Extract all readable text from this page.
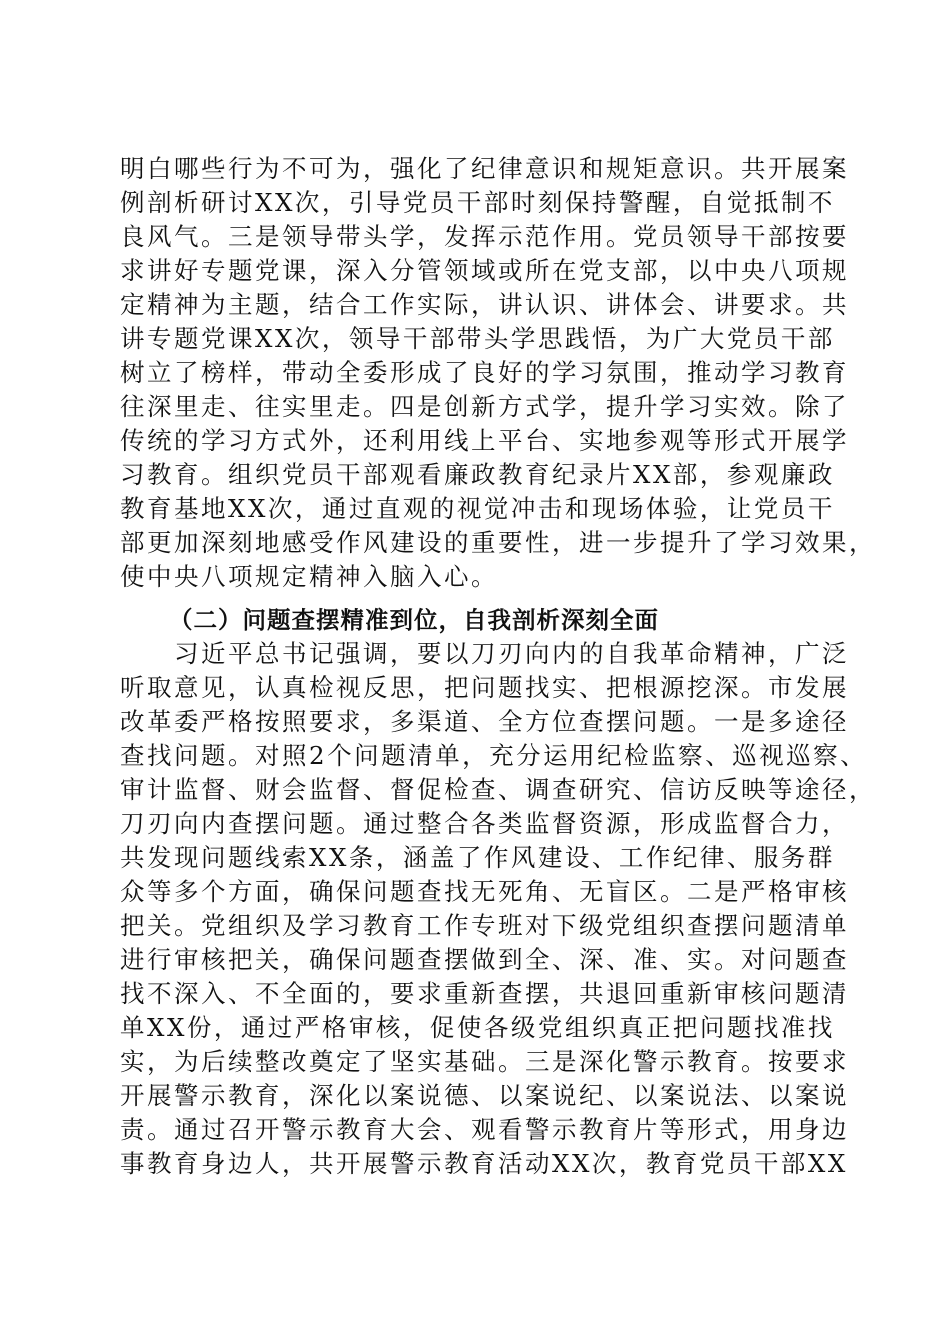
明白哪些行为不可为，强化了纪律意识和规矩意识。共开展案
例剖析研讨XX次，引导党员干部时刻保持警醒，自觉抵制不
良风气。三是领导带头学，发挥示范作用。党员领导干部按要
求讲好专题党课，深入分管领域或所在党支部，以中央八项规
定精神为主题，结合工作实际，讲认识、讲体会、讲要求。共
讲专题党课XX次，领导干部带头学思践悟，为广大党员干部
树立了榜样，带动全委形成了良好的学习氛围，推动学习教育
往深里走、往实里走。四是创新方式学，提升学习实效。除了
传统的学习方式外，还利用线上平台、实地参观等形式开展学
习教育。组织党员干部观看廉政教育纪录片XX部，参观廉政
教育基地XX次，通过直观的视觉冲击和现场体验，让党员干
部更加深刻地感受作风建设的重要性，进一步提升了学习效果，
使中央八项规定精神入脑入心。
（二）问题查摆精准到位，自我剖析深刻全面
　　习近平总书记强调，要以刀刃向内的自我革命精神，广泛
听取意见，认真检视反思，把问题找实、把根源挖深。市发展
改革委严格按照要求，多渠道、全方位查摆问题。一是多途径
查找问题。对照2个问题清单，充分运用纪检监察、巡视巡察、
审计监督、财会监督、督促检查、调查研究、信访反映等途径，
刀刃向内查摆问题。通过整合各类监督资源，形成监督合力，
共发现问题线索XX条，涵盖了作风建设、工作纪律、服务群
众等多个方面，确保问题查找无死角、无盲区。二是严格审核
把关。党组织及学习教育工作专班对下级党组织查摆问题清单
进行审核把关，确保问题查摆做到全、深、准、实。对问题查
找不深入、不全面的，要求重新查摆，共退回重新审核问题清
单XX份，通过严格审核，促使各级党组织真正把问题找准找
实，为后续整改奠定了坚实基础。三是深化警示教育。按要求
开展警示教育，深化以案说德、以案说纪、以案说法、以案说
责。通过召开警示教育大会、观看警示教育片等形式，用身边
事教育身边人，共开展警示教育活动XX次，教育党员干部XX
